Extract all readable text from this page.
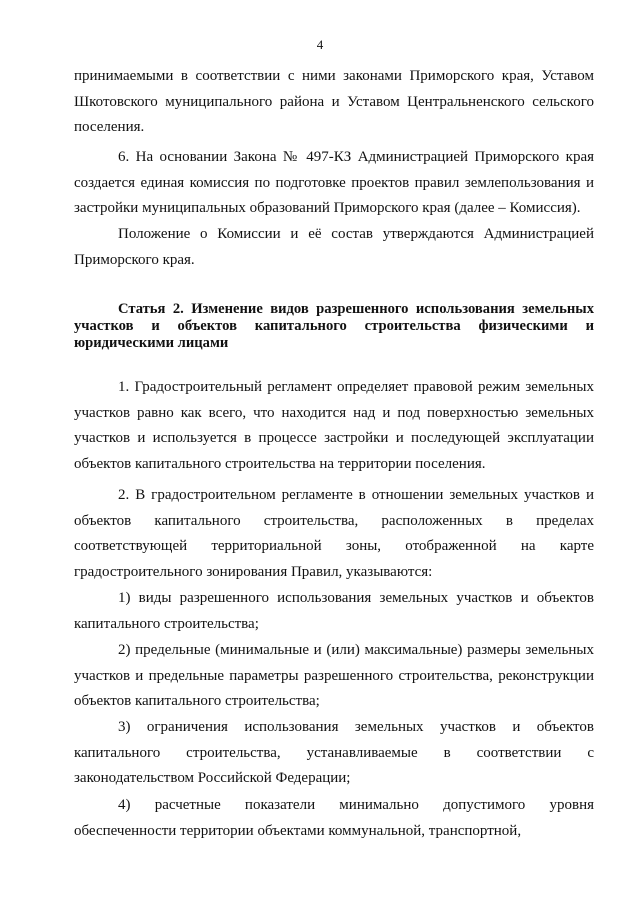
4

принимаемыми в соответствии с ними законами Приморского края, Уставом Шкотовского муниципального района и Уставом Центральненского сельского поселения.

6. На основании Закона № 497-КЗ Администрацией Приморского края создается единая комиссия по подготовке проектов правил землепользования и застройки муниципальных образований Приморского края (далее – Комиссия).

Положение о Комиссии и её состав утверждаются Администрацией Приморского края.

Статья 2. Изменение видов разрешенного использования земельных участков и объектов капитального строительства физическими и юридическими лицами

1. Градостроительный регламент определяет правовой режим земельных участков равно как всего, что находится над и под поверхностью земельных участков и используется в процессе застройки и последующей эксплуатации объектов капитального строительства на территории поселения.

2. В градостроительном регламенте в отношении земельных участков и объектов капитального строительства, расположенных в пределах соответствующей территориальной зоны, отображенной на карте градостроительного зонирования Правил, указываются:

1) виды разрешенного использования земельных участков и объектов капитального строительства;

2) предельные (минимальные и (или) максимальные) размеры земельных участков и предельные параметры разрешенного строительства, реконструкции объектов капитального строительства;

3) ограничения использования земельных участков и объектов капитального строительства, устанавливаемые в соответствии с законодательством Российской Федерации;

4) расчетные показатели минимально допустимого уровня обеспеченности территории объектами коммунальной, транспортной,
